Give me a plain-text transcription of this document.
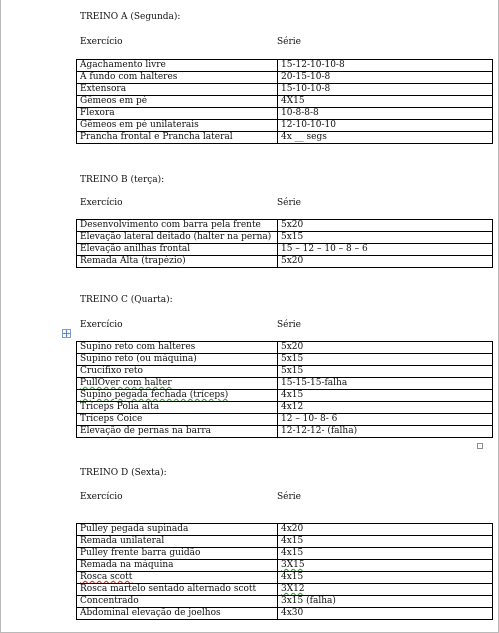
TREINO A (Segunda):
Exercício	Série
Agachamento livre	15-12-10-10-8
A fundo com halteres	20-15-10-8
Extensora	15-10-10-8
Gêmeos em pé	4X15
Flexora	10-8-8-8
Gêmeos em pé unilaterais	12-10-10-10
Prancha frontal e Prancha lateral	4x __ segs
TREINO B (terça):
Exercício	Série
Desenvolvimento com barra pela frente	5x20
Elevação lateral deitado (halter na perna)	5x15
Elevação anilhas frontal	15 – 12 – 10 – 8 – 6
Remada Alta (trapézio)	5x20
TREINO C (Quarta):
Exercício	Série
Supino reto com halteres	5x20
Supino reto (ou máquina)	5x15
Crucifixo reto	5x15
PullOver com halter	15-15-15-falha
Supino pegada fechada (tríceps)	4x15
Tríceps Polia alta	4x12
Tríceps Coice	12 – 10- 8- 6
Elevação de pernas na barra	12-12-12- (falha)
TREINO D (Sexta):
Exercício	Série
Pulley pegada supinada	4x20
Remada unilateral	4x15
Pulley frente barra guidão	4x15
Remada na máquina	3X15
Rosca scott	4x15
Rosca martelo sentado alternado scott	3X12
Concentrado	3x15 (falha)
Abdominal elevação de joelhos	4x30
